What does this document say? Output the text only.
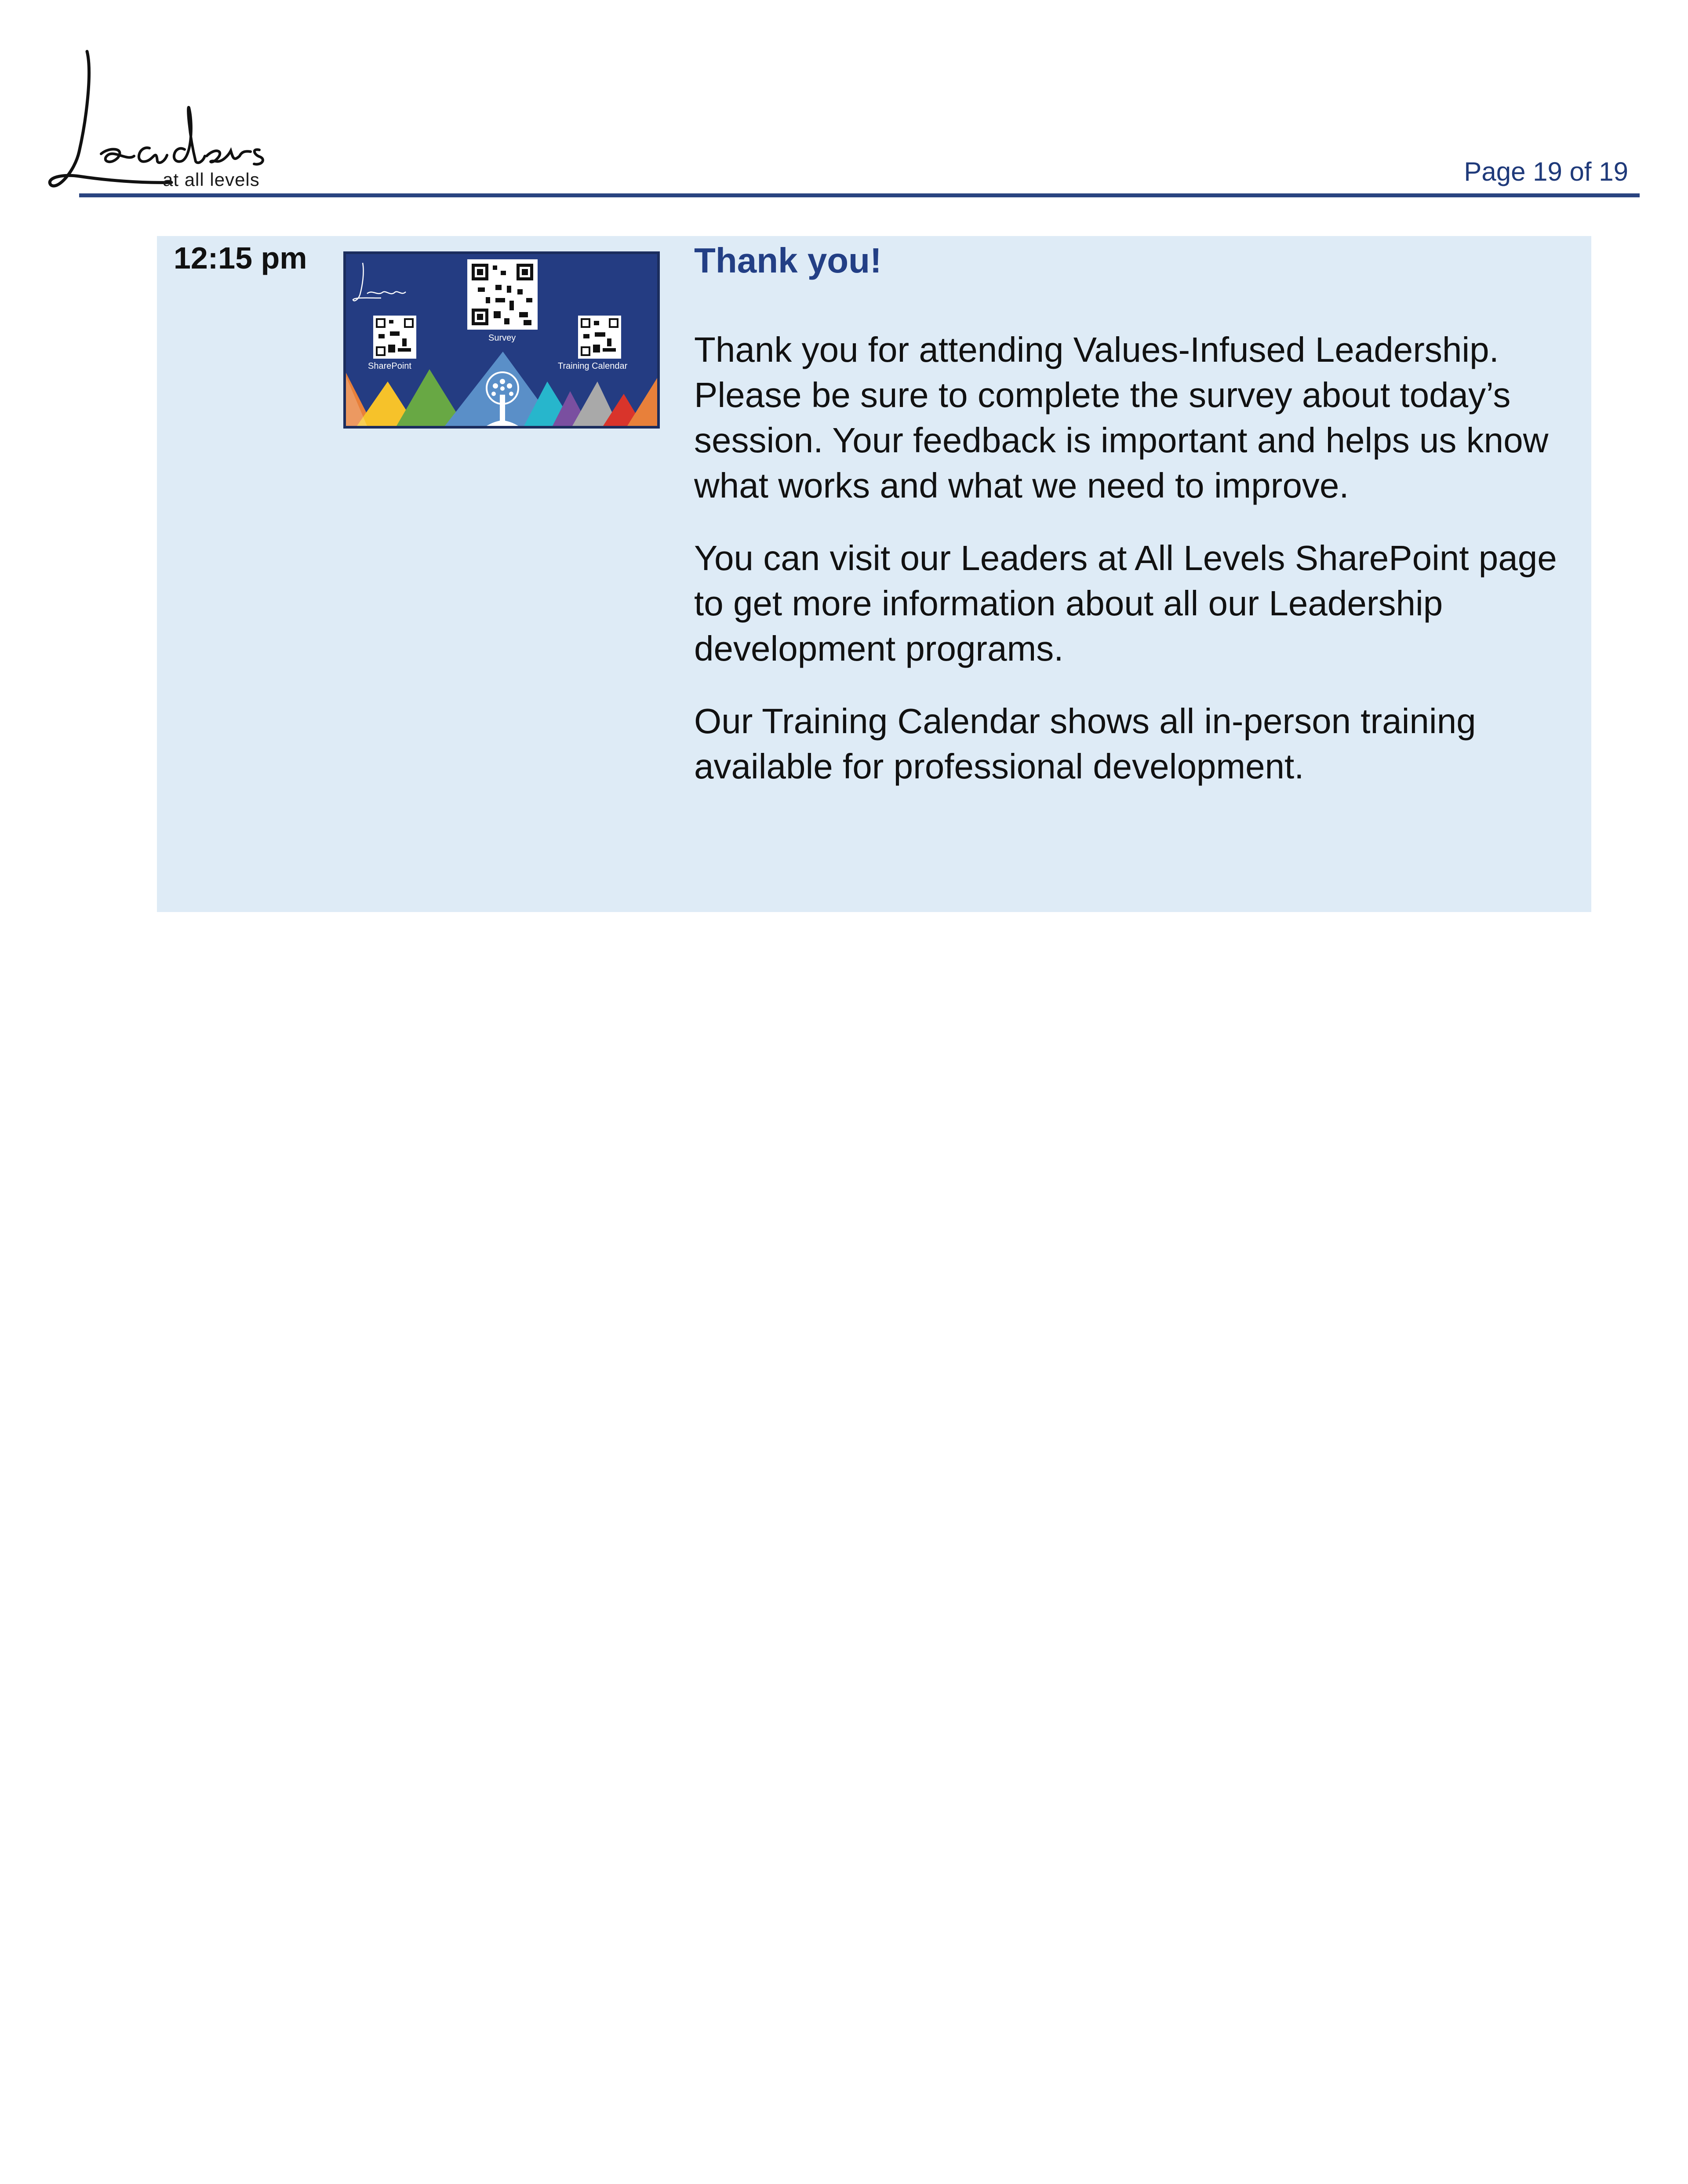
at all levels	Page 19 of 19
12:15 pm
SharePoint
Survey
Training Calendar

Thank you!

Thank you for attending Values-Infused Leadership. Please be sure to complete the survey about today’s session. Your feedback is important and helps us know what works and what we need to improve.

You can visit our Leaders at All Levels SharePoint page to get more information about all our Leadership development programs.

Our Training Calendar shows all in-person training available for professional development.
